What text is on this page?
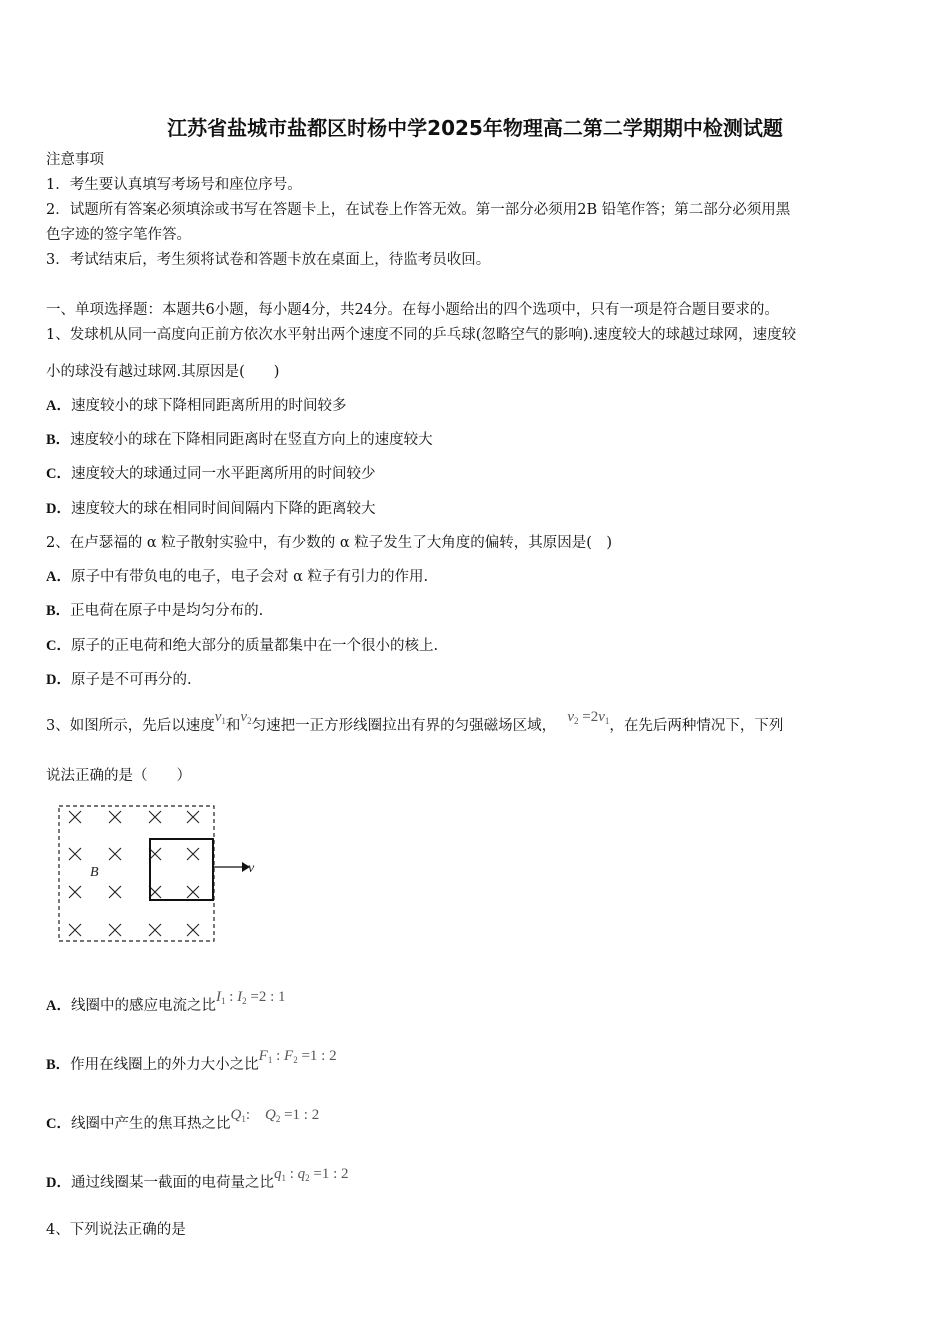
江苏省盐城市盐都区时杨中学2025年物理高二第二学期期中检测试题
注意事项
1．考生要认真填写考场号和座位序号。
2．试题所有答案必须填涂或书写在答题卡上，在试卷上作答无效。第一部分必须用2B 铅笔作答；第二部分必须用黑
色字迹的签字笔作答。
3．考试结束后，考生须将试卷和答题卡放在桌面上，待监考员收回。
一、单项选择题：本题共6小题，每小题4分，共24分。在每小题给出的四个选项中，只有一项是符合题目要求的。
1、发球机从同一高度向正前方依次水平射出两个速度不同的乒乓球(忽略空气的影响).速度较大的球越过球网，速度较
小的球没有越过球网.其原因是(　　)
A．速度较小的球下降相同距离所用的时间较多
B．速度较小的球在下降相同距离时在竖直方向上的速度较大
C．速度较大的球通过同一水平距离所用的时间较少
D．速度较大的球在相同时间间隔内下降的距离较大
2、在卢瑟福的 α 粒子散射实验中，有少数的 α 粒子发生了大角度的偏转，其原因是(　)
A．原子中有带负电的电子，电子会对 α 粒子有引力的作用.
B．正电荷在原子中是均匀分布的.
C．原子的正电荷和绝大部分的质量都集中在一个很小的核上.
D．原子是不可再分的.
3、如图所示，先后以速度$v_1$和$v_2$匀速把一正方形线圈拉出有界的匀强磁场区域，   $v_2 =2v_1$，在先后两种情况下，下列
说法正确的是（　　）
v
B
A．线圈中的感应电流之比$I_1$ : $I_2 =2$ : 1
B．作用在线圈上的外力大小之比$F_1$ : $F_2 =1$ : 2
C．线圈中产生的焦耳热之比$Q_1$:　$Q_2 =1$ : 2
D．通过线圈某一截面的电荷量之比$q_1$ : $q_2 =1$ : 2
4、下列说法正确的是
